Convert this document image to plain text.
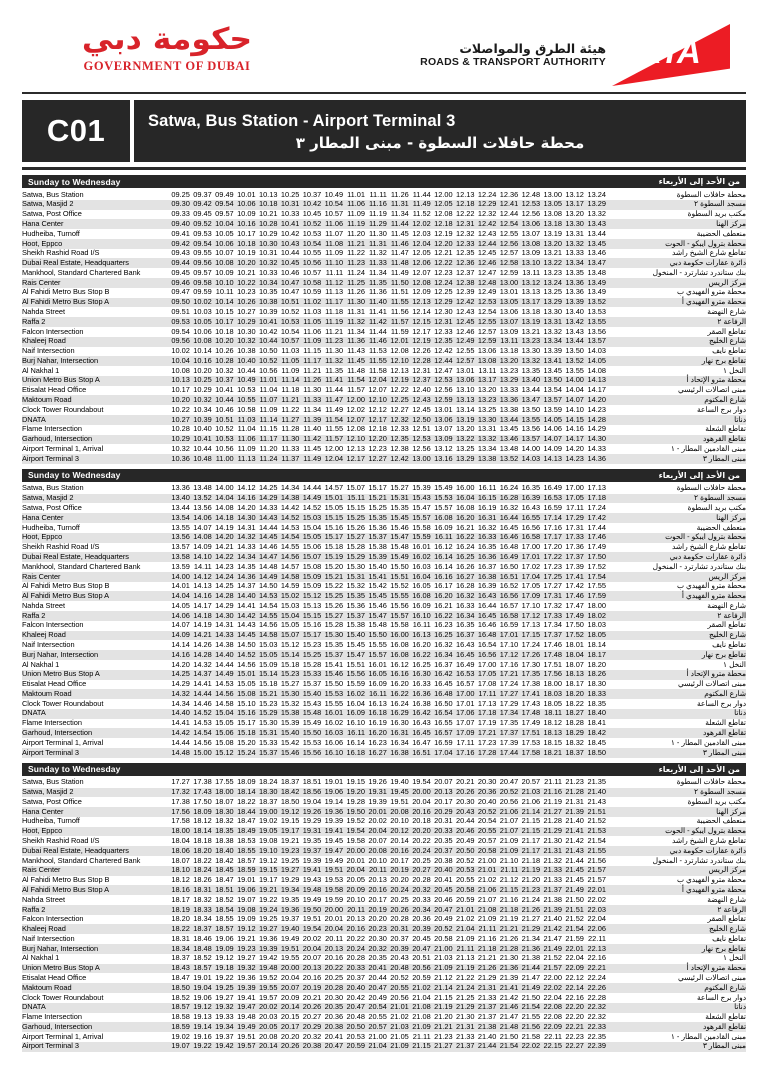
حكومة دبي
GOVERNMENT OF DUBAI
هيئة الطرق والمواصلات
ROADS & TRANSPORT AUTHORITY RTA
C01	Satwa, Bus Station - Airport Terminal 3
محطة حافلات السطوة - مبنى المطار ٣
Sunday to Wednesday	من الأحد إلى الأربعاء
Satwa, Bus Station	09.25	09.37	09.49	10.01	10.13	10.25	10.37	10.49	11.01	11.11	11.26	11.44	12.00	12.13	12.24	12.36	12.48	13.00	13.12	13.24		محطة حافلات السطوة
Satwa, Masjid 2	09.30	09.42	09.54	10.06	10.18	10.31	10.42	10.54	11.06	11.16	11.31	11.49	12.05	12.18	12.29	12.41	12.53	13.05	13.17	13.29		مسجد السطوة ٢
Satwa, Post Office	09.33	09.45	09.57	10.09	10.21	10.33	10.45	10.57	11.09	11.19	11.34	11.52	12.08	12.22	12.32	12.44	12.56	13.08	13.20	13.32		مكتب بريد السطوة
Hana Center	09.40	09.52	10.04	10.16	10.28	10.41	10.52	11.06	11.19	11.29	11.44	12.02	12.18	12.31	12.42	12.54	13.06	13.18	13.30	13.43		مركز الهنا
Hudheiba, Turnoff	09.41	09.53	10.05	10.17	10.29	10.42	10.53	11.07	11.20	11.30	11.45	12.03	12.19	12.32	12.43	12.55	13.07	13.19	13.31	13.44		منعطف الحضيبة
Hoot, Eppco	09.42	09.54	10.06	10.18	10.30	10.43	10.54	11.08	11.21	11.31	11.46	12.04	12.20	12.33	12.44	12.56	13.08	13.20	13.32	13.45		محطة بترول ايبكو - الحوت
Sheikh Rashid Road I/S	09.43	09.55	10.07	10.19	10.31	10.44	10.55	11.09	11.22	11.32	11.47	12.05	12.21	12.35	12.45	12.57	13.09	13.21	13.33	13.46		تقاطع شارع الشيخ راشد
Dubai Real Estate, Headquarters	09.44	09.56	10.08	10.20	10.32	10.45	10.56	11.10	11.23	11.33	11.48	12.06	12.22	12.36	12.46	12.58	13.10	13.22	13.34	13.47		دائرة عقارات حكومة دبي
Mankhool, Standard Chartered Bank	09.45	09.57	10.09	10.21	10.33	10.46	10.57	11.11	11.24	11.34	11.49	12.07	12.23	12.37	12.47	12.59	13.11	13.23	13.35	13.48		بنك ستاندرد تشارترد - المنخول
Rais Center	09.46	09.58	10.10	10.22	10.34	10.47	10.58	11.12	11.25	11.35	11.50	12.08	12.24	12.38	12.48	13.00	13.12	13.24	13.36	13.49		مركز الريس
Al Fahidi Metro Bus Stop B	09.47	09.59	10.11	10.23	10.35	10.47	10.59	11.13	11.26	11.36	11.51	12.09	12.25	12.39	12.49	13.01	13.13	13.25	13.36	13.49		محطة مترو الفهيدي ب
Al Fahidi Metro Bus Stop A	09.50	10.02	10.14	10.26	10.38	10.51	11.02	11.17	11.30	11.40	11.55	12.13	12.29	12.42	12.53	13.05	13.17	13.29	13.39	13.52		محطة مترو الفهيدي أ
Nahda Street	09.51	10.03	10.15	10.27	10.39	10.52	11.03	11.18	11.31	11.41	11.56	12.14	12.30	12.43	12.54	13.06	13.18	13.30	13.40	13.53		شارع النهضة
Raffa 2	09.53	10.05	10.17	10.29	10.41	10.53	11.05	11.19	11.32	11.42	11.57	12.15	12.31	12.45	12.55	13.07	13.19	13.31	13.42	13.55		الرفاعة ٢
Falcon Intersection	09.54	10.06	10.18	10.30	10.42	10.54	11.06	11.21	11.34	11.44	11.59	12.17	12.33	12.46	12.57	13.09	13.21	13.32	13.43	13.56		تقاطع الصقر
Khaleej Road	09.56	10.08	10.20	10.32	10.44	10.57	11.09	11.23	11.36	11.46	12.01	12.19	12.35	12.49	12.59	13.11	13.23	13.34	13.44	13.57		شارع الخليج
Naif Intersection	10.02	10.14	10.26	10.38	10.50	11.03	11.15	11.30	11.43	11.53	12.08	12.26	12.42	12.55	13.06	13.18	13.30	13.39	13.50	14.03		تقاطع نايف
Burj Nahar, Intersection	10.04	10.16	10.28	10.40	10.52	11.05	11.17	11.32	11.45	11.55	12.10	12.28	12.44	12.57	13.08	13.20	13.32	13.41	13.52	14.05		تقاطع برج نهار
Al Nakhal 1	10.08	10.20	10.32	10.44	10.56	11.09	11.21	11.35	11.48	11.58	12.13	12.31	12.47	13.01	13.11	13.23	13.35	13.45	13.55	14.08		النخل ١
Union Metro Bus Stop A	10.13	10.25	10.37	10.49	11.01	11.14	11.26	11.41	11.54	12.04	12.19	12.37	12.53	13.06	13.17	13.29	13.40	13.50	14.00	14.13		محطة مترو الإتحاد أ
Etisalat Head Office	10.17	10.29	10.41	10.53	11.04	11.18	11.30	11.44	11.57	12.07	12.22	12.40	12.56	13.10	13.20	13.33	13.44	13.54	14.04	14.17		مبنى اتصالات الرئيسي
Maktoum Road	10.20	10.32	10.44	10.55	11.07	11.21	11.33	11.47	12.00	12.10	12.25	12.43	12.59	13.13	13.23	13.36	13.47	13.57	14.07	14.20		شارع المكتوم
Clock Tower Roundabout	10.22	10.34	10.46	10.58	11.09	11.22	11.34	11.49	12.02	12.12	12.27	12.45	13.01	13.14	13.25	13.38	13.50	13.59	14.10	14.23		دوار برج الساعة
DNATA	10.27	10.39	10.51	11.03	11.14	11.27	11.39	11.54	12.07	12.17	12.32	12.50	13.06	13.19	13.30	13.44	13.55	14.05	14.15	14.28		دناتا
Flame Intersection	10.28	10.40	10.52	11.04	11.15	11.28	11.40	11.55	12.08	12.18	12.33	12.51	13.07	13.20	13.31	13.45	13.56	14.06	14.16	14.29		تقاطع الشعلة
Garhoud, Intersection	10.29	10.41	10.53	11.06	11.17	11.30	11.42	11.57	12.10	12.20	12.35	12.53	13.09	13.22	13.32	13.46	13.57	14.07	14.17	14.30		تقاطع القرهود
Airport Terminal 1, Arrival	10.32	10.44	10.56	11.09	11.20	11.33	11.45	12.00	12.13	12.23	12.38	12.56	13.12	13.25	13.34	13.48	14.00	14.09	14.20	14.33		مبنى القادمين المطار - ١
Airport Terminal 3	10.36	10.48	11.00	11.13	11.24	11.37	11.49	12.04	12.17	12.27	12.42	13.00	13.16	13.29	13.38	13.52	14.03	14.13	14.23	14.36		مبنى المطار ٣
Sunday to Wednesday	من الأحد إلى الأربعاء
Satwa, Bus Station	13.36	13.48	14.00	14.12	14.25	14.34	14.44	14.57	15.07	15.17	15.27	15.39	15.49	16.00	16.11	16.24	16.35	16.49	17.00	17.13		محطة حافلات السطوة
Satwa, Masjid 2	13.40	13.52	14.04	14.16	14.29	14.38	14.49	15.01	15.11	15.21	15.31	15.43	15.53	16.04	16.15	16.28	16.39	16.53	17.05	17.18		مسجد السطوة ٢
Satwa, Post Office	13.44	13.56	14.08	14.20	14.33	14.42	14.52	15.05	15.15	15.25	15.35	15.47	15.57	16.08	16.19	16.32	16.43	16.59	17.11	17.24		مكتب بريد السطوة
Hana Center	13.54	14.06	14.18	14.30	14.43	14.52	15.03	15.15	15.25	15.35	15.45	15.57	16.08	16.20	16.31	16.44	16.55	17.14	17.29	17.42		مركز الهنا
Hudheiba, Turnoff	13.55	14.07	14.19	14.31	14.44	14.53	15.04	15.16	15.26	15.36	15.46	15.58	16.09	16.21	16.32	16.45	16.56	17.16	17.31	17.44		منعطف الحضيبة
Hoot, Eppco	13.56	14.08	14.20	14.32	14.45	14.54	15.05	15.17	15.27	15.37	15.47	15.59	16.11	16.22	16.33	16.46	16.58	17.17	17.33	17.46		محطة بترول ايبكو - الحوت
Sheikh Rashid Road I/S	13.57	14.09	14.21	14.33	14.46	14.55	15.06	15.18	15.28	15.38	15.48	16.01	16.12	16.24	16.35	16.48	17.00	17.20	17.36	17.49		تقاطع شارع الشيخ راشد
Dubai Real Estate, Headquarters	13.58	14.10	14.22	14.34	14.47	14.56	15.07	15.19	15.29	15.39	15.49	16.02	16.14	16.25	16.36	16.49	17.01	17.22	17.37	17.50		دائرة عقارات حكومة دبي
Mankhool, Standard Chartered Bank	13.59	14.11	14.23	14.35	14.48	14.57	15.08	15.20	15.30	15.40	15.50	16.03	16.14	16.26	16.37	16.50	17.02	17.23	17.39	17.52		بنك ستاندرد تشارترد - المنخول
Rais Center	14.00	14.12	14.24	14.36	14.49	14.58	15.09	15.21	15.31	15.41	15.51	16.04	16.16	16.27	16.38	16.51	17.04	17.25	17.41	17.54		مركز الريس
Al Fahidi Metro Bus Stop B	14.01	14.13	14.25	14.37	14.50	14.59	15.09	15.22	15.32	15.42	15.52	16.05	16.17	16.28	16.39	16.52	17.05	17.27	17.42	17.55		محطة مترو الفهيدي ب
Al Fahidi Metro Bus Stop A	14.04	14.16	14.28	14.40	14.53	15.02	15.12	15.25	15.35	15.45	15.55	16.08	16.20	16.32	16.43	16.56	17.09	17.31	17.46	17.59		محطة مترو الفهيدي أ
Nahda Street	14.05	14.17	14.29	14.41	14.54	15.03	15.13	15.26	15.36	15.46	15.56	16.09	16.21	16.33	16.44	16.57	17.10	17.32	17.47	18.00		شارع النهضة
Raffa 2	14.06	14.18	14.30	14.42	14.55	15.04	15.15	15.27	15.37	15.47	15.57	16.10	16.22	16.34	16.45	16.58	17.12	17.33	17.49	18.02		الرفاعة ٢
Falcon Intersection	14.07	14.19	14.31	14.43	14.56	15.05	15.16	15.28	15.38	15.48	15.58	16.11	16.23	16.35	16.46	16.59	17.13	17.34	17.50	18.03		تقاطع الصقر
Khaleej Road	14.09	14.21	14.33	14.45	14.58	15.07	15.17	15.30	15.40	15.50	16.00	16.13	16.25	16.37	16.48	17.01	17.15	17.37	17.52	18.05		شارع الخليج
Naif Intersection	14.14	14.26	14.38	14.50	15.03	15.12	15.23	15.35	15.45	15.55	16.08	16.20	16.32	16.43	16.54	17.10	17.24	17.46	18.01	18.14		تقاطع نايف
Burj Nahar, Intersection	14.16	14.28	14.40	14.52	15.05	15.14	15.25	15.37	15.47	15.57	16.08	16.22	16.34	16.45	16.56	17.12	17.26	17.48	18.04	18.17		تقاطع برج نهار
Al Nakhal 1	14.20	14.32	14.44	14.56	15.09	15.18	15.28	15.41	15.51	16.01	16.12	16.25	16.37	16.49	17.00	17.16	17.30	17.51	18.07	18.20		النخل ١
Union Metro Bus Stop A	14.25	14.37	14.49	15.01	15.14	15.23	15.33	15.46	15.56	16.05	16.16	16.30	16.42	16.53	17.05	17.21	17.35	17.56	18.13	18.26		محطة مترو الإتحاد أ
Etisalat Head Office	14.29	14.41	14.53	15.05	15.18	15.27	15.37	15.50	15.59	16.09	16.20	16.33	16.45	16.57	17.08	17.24	17.38	18.00	18.17	18.30		مبنى اتصالات الرئيسي
Maktoum Road	14.32	14.44	14.56	15.08	15.21	15.30	15.40	15.53	16.02	16.11	16.22	16.36	16.48	17.00	17.11	17.27	17.41	18.03	18.20	18.33		شارع المكتوم
Clock Tower Roundabout	14.34	14.46	14.58	15.10	15.23	15.32	15.43	15.55	16.04	16.13	16.24	16.38	16.50	17.01	17.13	17.29	17.43	18.05	18.22	18.35		دوار برج الساعة
DNATA	14.40	14.52	15.04	15.16	15.29	15.38	15.48	16.01	16.09	16.18	16.29	16.42	16.54	17.06	17.18	17.34	17.48	18.11	18.27	18.40		دناتا
Flame Intersection	14.41	14.53	15.05	15.17	15.30	15.39	15.49	16.02	16.10	16.19	16.30	16.43	16.55	17.07	17.19	17.35	17.49	18.12	18.28	18.41		تقاطع الشعلة
Garhoud, Intersection	14.42	14.54	15.06	15.18	15.31	15.40	15.50	16.03	16.11	16.20	16.31	16.45	16.57	17.09	17.21	17.37	17.51	18.13	18.29	18.42		تقاطع القرهود
Airport Terminal 1, Arrival	14.44	14.56	15.08	15.20	15.33	15.42	15.53	16.06	16.14	16.23	16.34	16.47	16.59	17.11	17.23	17.39	17.53	18.15	18.32	18.45		مبنى القادمين المطار - ١
Airport Terminal 3	14.48	15.00	15.12	15.24	15.37	15.46	15.56	16.10	16.18	16.27	16.38	16.51	17.04	17.16	17.28	17.44	17.58	18.21	18.37	18.50		مبنى المطار ٣
Sunday to Wednesday	من الأحد إلى الأربعاء
Satwa, Bus Station	17.27	17.38	17.55	18.09	18.24	18.37	18.51	19.01	19.15	19.26	19.40	19.54	20.07	20.21	20.30	20.47	20.57	21.11	21.23	21.35		محطة حافلات السطوة
Satwa, Masjid 2	17.32	17.43	18.00	18.14	18.30	18.42	18.56	19.06	19.20	19.31	19.45	20.00	20.13	20.26	20.36	20.52	21.03	21.16	21.28	21.40		مسجد السطوة ٢
Satwa, Post Office	17.38	17.50	18.07	18.22	18.37	18.50	19.04	19.14	19.28	19.39	19.51	20.04	20.17	20.30	20.40	20.56	21.06	21.19	21.31	21.43		مكتب بريد السطوة
Hana Center	17.56	18.09	18.30	18.44	19.00	19.12	19.26	19.36	19.50	20.01	20.08	20.16	20.29	20.43	20.52	21.06	21.14	21.27	21.39	21.51		مركز الهنا
Hudheiba, Turnoff	17.58	18.12	18.32	18.47	19.02	19.15	19.29	19.39	19.52	20.02	20.10	20.18	20.31	20.44	20.54	21.07	21.15	21.28	21.40	21.52		منعطف الحضيبة
Hoot, Eppco	18.00	18.14	18.35	18.49	19.05	19.17	19.31	19.41	19.54	20.04	20.12	20.20	20.33	20.46	20.55	21.07	21.15	21.29	21.41	21.53		محطة بترول ايبكو - الحوت
Sheikh Rashid Road I/S	18.04	18.18	18.38	18.53	19.08	19.21	19.35	19.45	19.58	20.07	20.14	20.22	20.35	20.49	20.57	21.09	21.17	21.30	21.42	21.54		تقاطع شارع الشيخ راشد
Dubai Real Estate, Headquarters	18.06	18.20	18.40	18.55	19.10	19.23	19.37	19.47	20.00	20.08	20.16	20.24	20.37	20.50	20.58	21.09	21.17	21.31	21.43	21.55		دائرة عقارات حكومة دبي
Mankhool, Standard Chartered Bank	18.07	18.22	18.42	18.57	19.12	19.25	19.39	19.49	20.01	20.10	20.17	20.25	20.38	20.52	21.00	21.10	21.18	21.32	21.44	21.56		بنك ستاندرد تشارترد - المنخول
Rais Center	18.10	18.24	18.45	18.59	19.15	19.27	19.41	19.51	20.04	20.11	20.19	20.27	20.40	20.53	21.01	21.11	21.19	21.33	21.45	21.57		مركز الريس
Al Fahidi Metro Bus Stop B	18.12	18.26	18.47	19.01	19.17	19.29	19.43	19.53	20.05	20.13	20.20	20.28	20.41	20.55	21.02	21.12	21.20	21.33	21.45	21.57		محطة مترو الفهيدي ب
Al Fahidi Metro Bus Stop A	18.16	18.31	18.51	19.06	19.21	19.34	19.48	19.58	20.09	20.16	20.24	20.32	20.45	20.58	21.06	21.15	21.23	21.37	21.49	22.01		محطة مترو الفهيدي أ
Nahda Street	18.17	18.32	18.52	19.07	19.22	19.35	19.49	19.59	20.10	20.17	20.25	20.33	20.46	20.59	21.07	21.16	21.24	21.38	21.50	22.02		شارع النهضة
Raffa 2	18.19	18.33	18.54	19.08	19.24	19.36	19.50	20.00	20.11	20.19	20.26	20.34	20.47	21.01	21.08	21.18	21.26	21.39	21.51	22.03		الرفاعة ٢
Falcon Intersection	18.20	18.34	18.55	19.09	19.25	19.37	19.51	20.01	20.13	20.20	20.28	20.36	20.49	21.02	21.09	21.19	21.27	21.40	21.52	22.04		تقاطع الصقر
Khaleej Road	18.22	18.37	18.57	19.12	19.27	19.40	19.54	20.04	20.16	20.23	20.31	20.39	20.52	21.04	21.11	21.21	21.29	21.42	21.54	22.06		شارع الخليج
Naif Intersection	18.31	18.46	19.06	19.21	19.36	19.49	20.02	20.11	20.22	20.30	20.37	20.45	20.58	21.09	21.16	21.26	21.34	21.47	21.59	22.11		تقاطع نايف
Burj Nahar, Intersection	18.34	18.48	19.09	19.23	19.39	19.51	20.04	20.13	20.24	20.32	20.39	20.47	21.00	21.11	21.18	21.28	21.36	21.49	22.01	22.13		تقاطع برج نهار
Al Nakhal 1	18.37	18.52	19.12	19.27	19.42	19.55	20.07	20.16	20.28	20.35	20.43	20.51	21.03	21.13	21.21	21.30	21.38	21.52	22.04	22.16		النخل ١
Union Metro Bus Stop A	18.43	18.57	19.18	19.32	19.48	20.00	20.13	20.22	20.33	20.41	20.48	20.56	21.09	21.19	21.26	21.36	21.44	21.57	22.09	22.21		محطة مترو الإتحاد أ
Etisalat Head Office	18.47	19.01	19.22	19.36	19.52	20.04	20.16	20.25	20.37	20.44	20.52	20.59	21.12	21.22	21.29	21.39	21.47	22.00	22.12	22.24		مبنى اتصالات الرئيسي
Maktoum Road	18.50	19.04	19.25	19.39	19.55	20.07	20.19	20.28	20.40	20.47	20.55	21.02	21.14	21.24	21.31	21.41	21.49	22.02	22.14	22.26		شارع المكتوم
Clock Tower Roundabout	18.52	19.06	19.27	19.41	19.57	20.09	20.21	20.30	20.42	20.49	20.56	21.04	21.15	21.25	21.33	21.42	21.50	22.04	22.16	22.28		دوار برج الساعة
DNATA	18.57	19.12	19.32	19.47	20.02	20.14	20.26	20.35	20.47	20.54	21.01	21.08	21.19	21.29	21.37	21.46	21.54	22.08	22.20	22.32		دناتا
Flame Intersection	18.58	19.13	19.33	19.48	20.03	20.15	20.27	20.36	20.48	20.55	21.02	21.08	21.20	21.30	21.37	21.47	21.55	22.08	22.20	22.32		تقاطع الشعلة
Garhoud, Intersection	18.59	19.14	19.34	19.49	20.05	20.17	20.29	20.38	20.50	20.57	21.03	21.09	21.21	21.31	21.38	21.48	21.56	22.09	22.21	22.33		تقاطع القرهود
Airport Terminal 1, Arrival	19.02	19.16	19.37	19.51	20.08	20.20	20.32	20.41	20.53	21.00	21.05	21.11	21.23	21.33	21.40	21.50	21.58	22.11	22.23	22.35		مبنى القادمين المطار - ١
Airport Terminal 3	19.07	19.22	19.42	19.57	20.14	20.26	20.38	20.47	20.59	21.04	21.09	21.15	21.27	21.37	21.44	21.54	22.02	22.15	22.27	22.39		مبنى المطار ٣
